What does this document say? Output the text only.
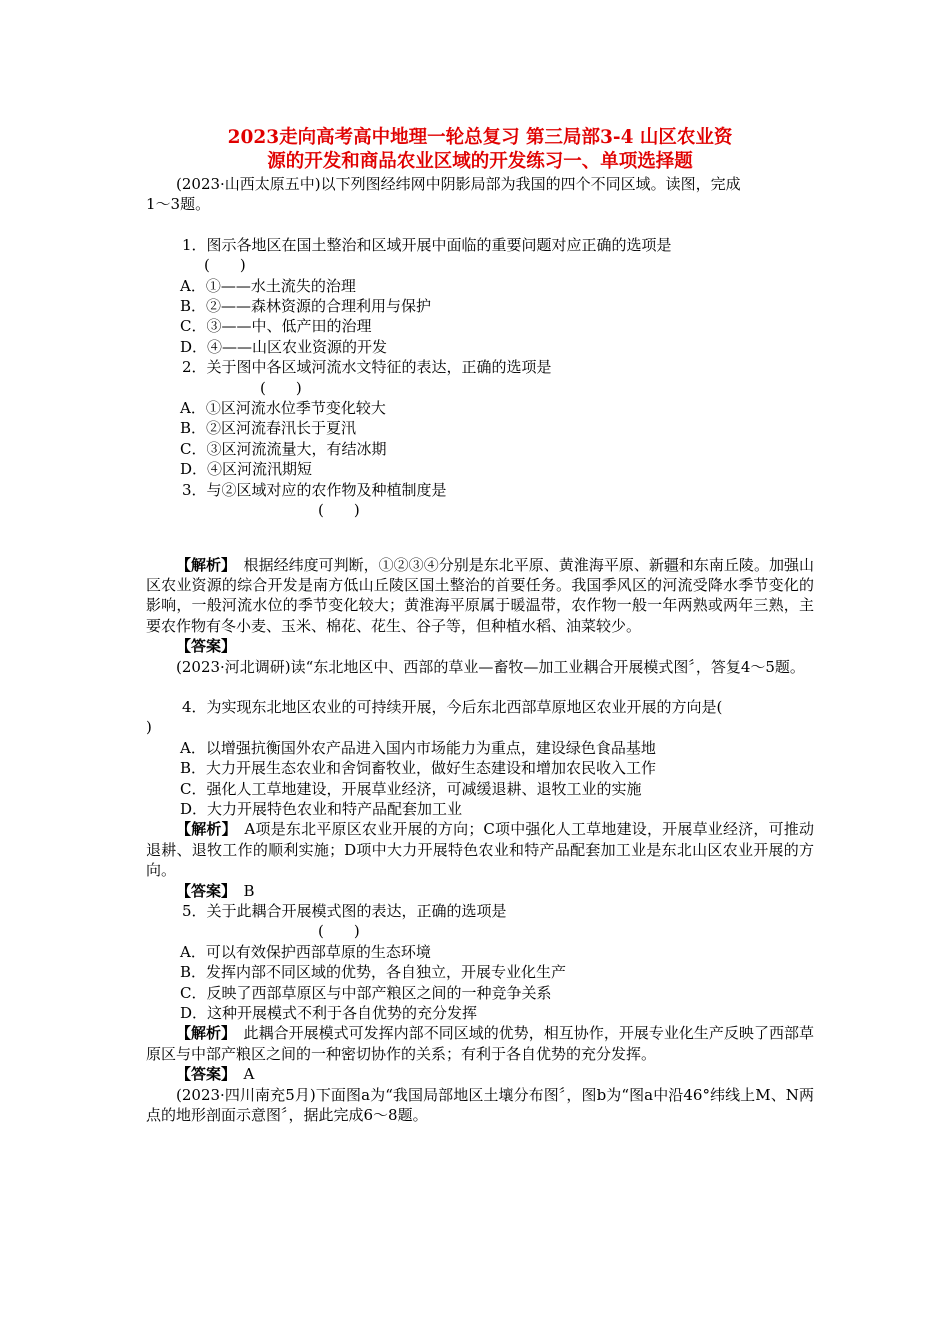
2023走向高考高中地理一轮总复习 第三局部3-4 山区农业资
源的开发和商品农业区域的开发练习一、单项选择题

(2023·山西太原五中)以下列图经纬网中阴影局部为我国的四个不同区域。读图，完成

1～3题。

1．图示各地区在国土整治和区域开展中面临的重要问题对应正确的选项是

(　　)

A．①——水土流失的治理

B．②——森林资源的合理利用与保护

C．③——中、低产田的治理

D．④——山区农业资源的开发

2．关于图中各区域河流水文特征的表达，正确的选项是

(　　)

A．①区河流水位季节变化较大

B．②区河流春汛长于夏汛

C．③区河流流量大，有结冰期

D．④区河流汛期短

3．与②区域对应的农作物及种植制度是

(　　)

【解析】　根据经纬度可判断，①②③④分别是东北平原、黄淮海平原、新疆和东南丘陵。加强山区农业资源的综合开发是南方低山丘陵区国土整治的首要任务。我国季风区的河流受降水季节变化的影响，一般河流水位的季节变化较大；黄淮海平原属于暖温带，农作物一般一年两熟或两年三熟，主要农作物有冬小麦、玉米、棉花、花生、谷子等，但种植水稻、油菜较少。

【答案】

(2023·河北调研)读“东北地区中、西部的草业—畜牧—加工业耦合开展模式图〞，答复4～5题。

4．为实现东北地区农业的可持续开展，今后东北西部草原地区农业开展的方向是(

)

A．以增强抗衡国外农产品进入国内市场能力为重点，建设绿色食品基地

B．大力开展生态农业和舍饲畜牧业，做好生态建设和增加农民收入工作

C．强化人工草地建设，开展草业经济，可减缓退耕、退牧工业的实施

D．大力开展特色农业和特产品配套加工业

【解析】　A项是东北平原区农业开展的方向；C项中强化人工草地建设，开展草业经济，可推动退耕、退牧工作的顺利实施；D项中大力开展特色农业和特产品配套加工业是东北山区农业开展的方向。

【答案】　 B

5．关于此耦合开展模式图的表达，正确的选项是

(　　)

A．可以有效保护西部草原的生态环境

B．发挥内部不同区域的优势，各自独立，开展专业化生产

C．反映了西部草原区与中部产粮区之间的一种竞争关系

D．这种开展模式不利于各自优势的充分发挥

【解析】　此耦合开展模式可发挥内部不同区域的优势，相互协作，开展专业化生产反映了西部草原区与中部产粮区之间的一种密切协作的关系；有利于各自优势的充分发挥。

【答案】　 A

(2023·四川南充5月)下面图a为“我国局部地区土壤分布图〞，图b为“图a中沿46°纬线上M、N两点的地形剖面示意图〞，据此完成6～8题。
